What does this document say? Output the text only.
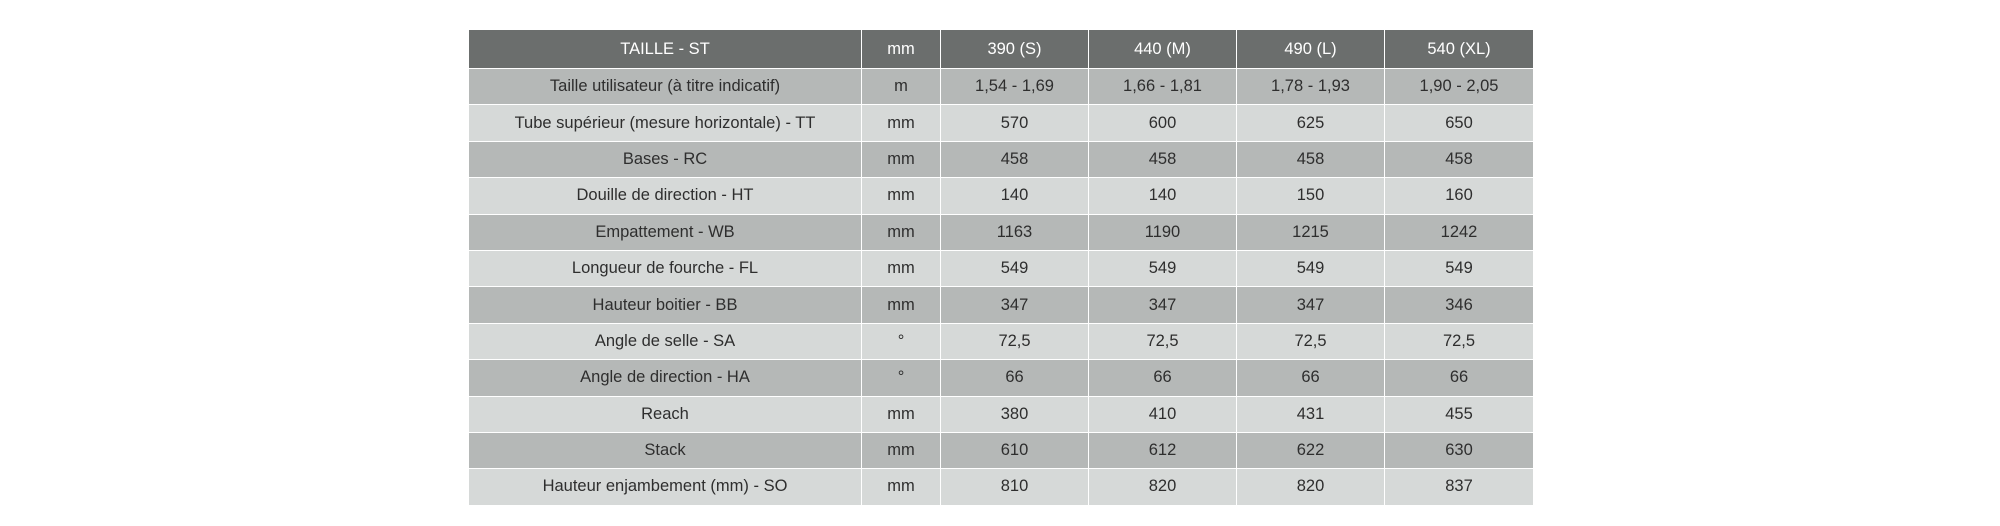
TAILLE - ST	mm	390 (S)	440 (M)	490 (L)	540 (XL)
Taille utilisateur (à titre indicatif)	m	1,54 - 1,69	1,66 - 1,81	1,78 - 1,93	1,90 - 2,05
Tube supérieur (mesure horizontale) - TT	mm	570	600	625	650
Bases - RC	mm	458	458	458	458
Douille de direction - HT	mm	140	140	150	160
Empattement - WB	mm	1163	1190	1215	1242
Longueur de fourche - FL	mm	549	549	549	549
Hauteur boitier - BB	mm	347	347	347	346
Angle de selle - SA	°	72,5	72,5	72,5	72,5
Angle de direction - HA	°	66	66	66	66
Reach	mm	380	410	431	455
Stack	mm	610	612	622	630
Hauteur enjambement (mm) - SO	mm	810	820	820	837
